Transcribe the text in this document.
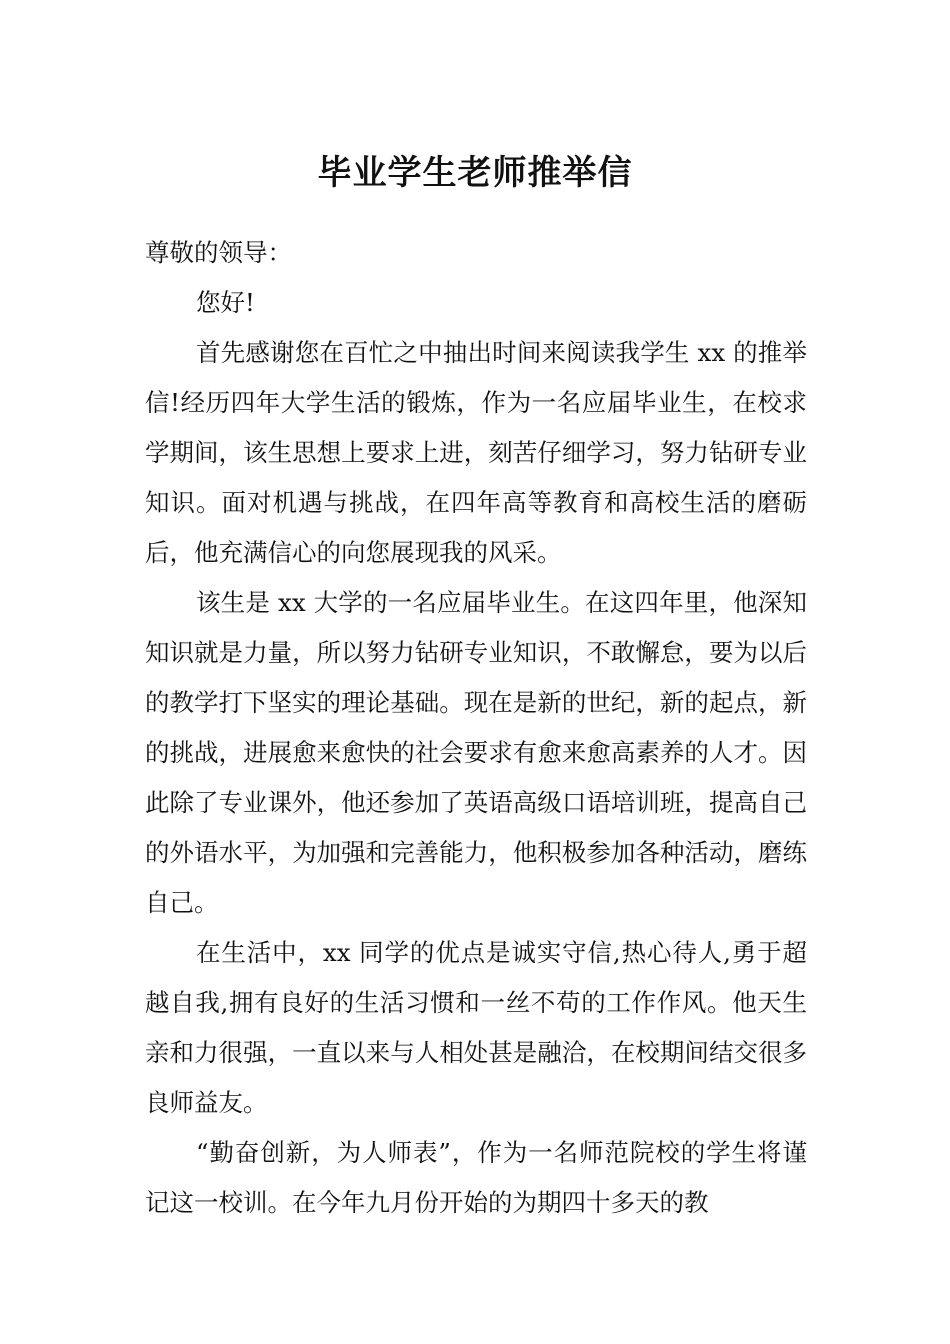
毕业学生老师推举信

尊敬的领导：

您好!

首先感谢您在百忙之中抽出时间来阅读我学生 xx 的推举信!经历四年大学生活的锻炼，作为一名应届毕业生，在校求学期间，该生思想上要求上进，刻苦仔细学习，努力钻研专业知识。面对机遇与挑战，在四年高等教育和高校生活的磨砺后，他充满信心的向您展现我的风采。

该生是 xx 大学的一名应届毕业生。在这四年里，他深知知识就是力量，所以努力钻研专业知识，不敢懈怠，要为以后的教学打下坚实的理论基础。现在是新的世纪，新的起点，新的挑战，进展愈来愈快的社会要求有愈来愈高素养的人才。因此除了专业课外，他还参加了英语高级口语培训班，提高自己的外语水平，为加强和完善能力，他积极参加各种活动，磨练自己。

在生活中，xx 同学的优点是诚实守信,热心待人,勇于超越自我,拥有良好的生活习惯和一丝不苟的工作作风。他天生亲和力很强，一直以来与人相处甚是融洽，在校期间结交很多良师益友。

“勤奋创新，为人师表”，作为一名师范院校的学生将谨记这一校训。在今年九月份开始的为期四十多天的教
